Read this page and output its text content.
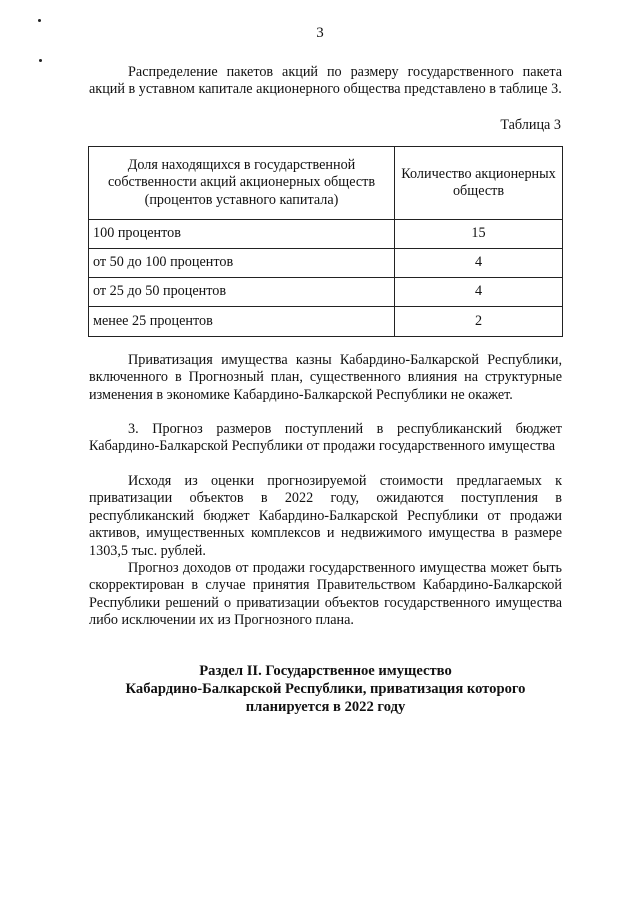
3

Распределение пакетов акций по размеру государственного пакета акций в уставном капитале акционерного общества представлено в таблице 3.

Таблица 3
Доля находящихся в государственной собственности акций акционерных обществ (процентов уставного капитала)	Количество акционерных обществ
100 процентов	15
от 50 до 100 процентов	4
от 25 до 50 процентов	4
менее 25 процентов	2

Приватизация имущества казны Кабардино-Балкарской Республики, включенного в Прогнозный план, существенного влияния на структурные изменения в экономике Кабардино-Балкарской Республики не окажет.

3. Прогноз размеров поступлений в республиканский бюджет Кабардино-Балкарской Республики от продажи государственного имущества

Исходя из оценки прогнозируемой стоимости предлагаемых к приватизации объектов в 2022 году, ожидаются поступления в республиканский бюджет Кабардино-Балкарской Республики от продажи активов, имущественных комплексов и недвижимого имущества в размере 1303,5 тыс. рублей.

Прогноз доходов от продажи государственного имущества может быть скорректирован в случае принятия Правительством Кабардино-Балкарской Республики решений о приватизации объектов государственного имущества либо исключении их из Прогнозного плана.

Раздел II. Государственное имущество
Кабардино-Балкарской Республики, приватизация которого
планируется в 2022 году
